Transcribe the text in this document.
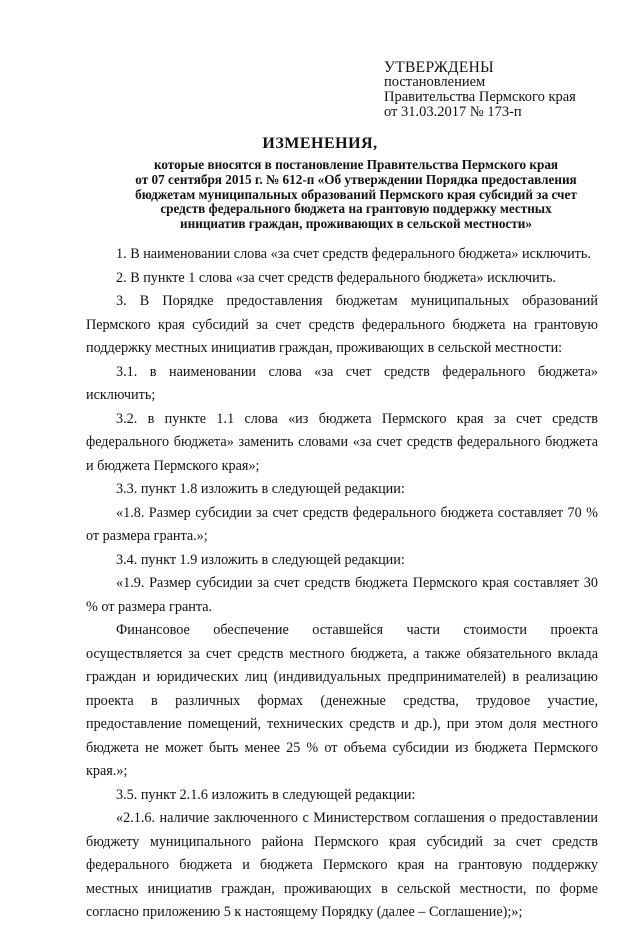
УТВЕРЖДЕНЫ
постановлением
Правительства Пермского края
от 31.03.2017 № 173-п
ИЗМЕНЕНИЯ,
которые вносятся в постановление Правительства Пермского края
от 07 сентября 2015 г. № 612-п «Об утверждении Порядка предоставления
бюджетам муниципальных образований Пермского края субсидий за счет
средств федерального бюджета на грантовую поддержку местных
инициатив граждан, проживающих в сельской местности»
1. В наименовании слова «за счет средств федерального бюджета» исключить.
2. В пункте 1 слова «за счет средств федерального бюджета» исключить.
3. В Порядке предоставления бюджетам муниципальных образований Пермского края субсидий за счет средств федерального бюджета на грантовую поддержку местных инициатив граждан, проживающих в сельской местности:
3.1. в наименовании слова «за счет средств федерального бюджета» исключить;
3.2. в пункте 1.1 слова «из бюджета Пермского края за счет средств федерального бюджета» заменить словами «за счет средств федерального бюджета и бюджета Пермского края»;
3.3. пункт 1.8 изложить в следующей редакции:
«1.8. Размер субсидии за счет средств федерального бюджета составляет 70 % от размера гранта.»;
3.4. пункт 1.9 изложить в следующей редакции:
«1.9. Размер субсидии за счет средств бюджета Пермского края составляет 30 % от размера гранта.
Финансовое обеспечение оставшейся части стоимости проекта осуществляется за счет средств местного бюджета, а также обязательного вклада граждан и юридических лиц (индивидуальных предпринимателей) в реализацию проекта в различных формах (денежные средства, трудовое участие, предоставление помещений, технических средств и др.), при этом доля местного бюджета не может быть менее 25 % от объема субсидии из бюджета Пермского края.»;
3.5. пункт 2.1.6 изложить в следующей редакции:
«2.1.6. наличие заключенного с Министерством соглашения о предоставлении бюджету муниципального района Пермского края субсидий за счет средств федерального бюджета и бюджета Пермского края на грантовую поддержку местных инициатив граждан, проживающих в сельской местности, по форме согласно приложению 5 к настоящему Порядку (далее – Соглашение);»;
